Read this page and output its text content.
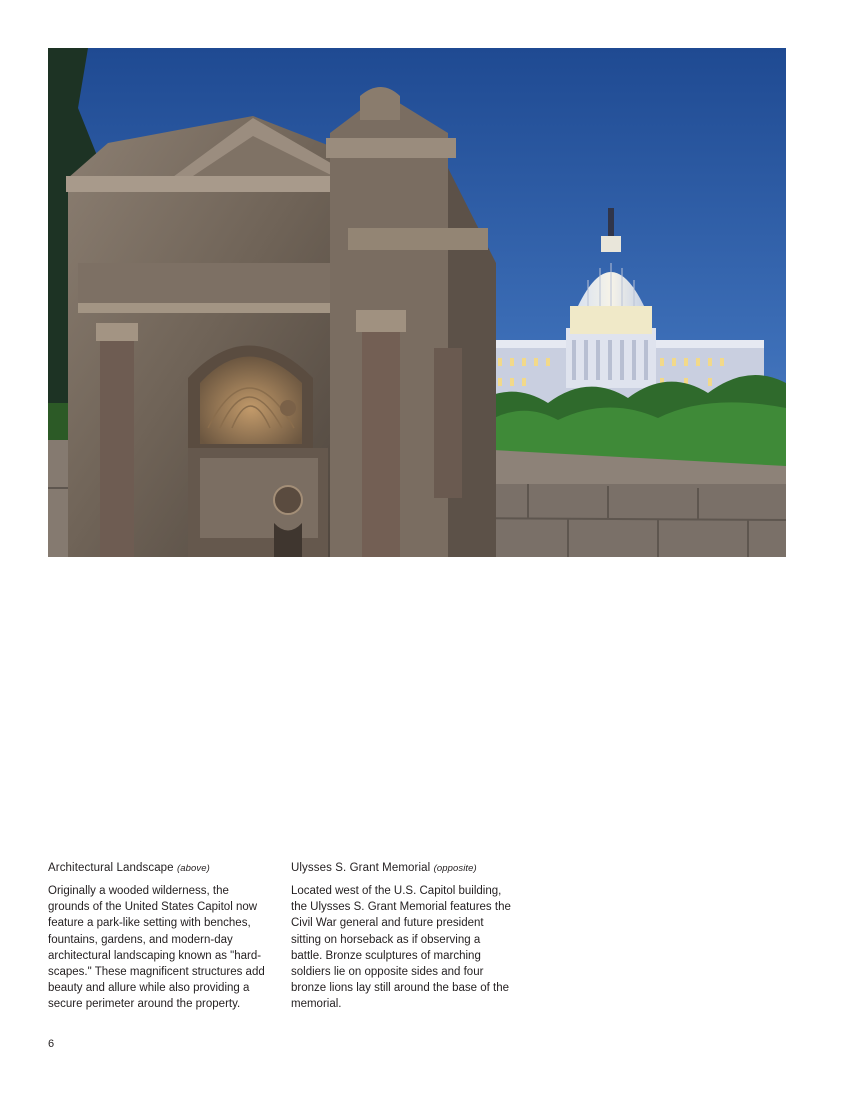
Architectural Landscape (above)

Originally a wooded wilderness, the grounds of the United States Capitol now feature a park-like setting with benches, fountains, gardens, and modern-day architectural landscaping known as "hard-scapes." These magnificent structures add beauty and allure while also providing a secure perimeter around the property.

Ulysses S. Grant Memorial (opposite)

Located west of the U.S. Capitol building, the Ulysses S. Grant Memorial features the Civil War general and future president sitting on horseback as if observing a battle. Bronze sculptures of marching soldiers lie on opposite sides and four bronze lions lay still around the base of the memorial.

6
